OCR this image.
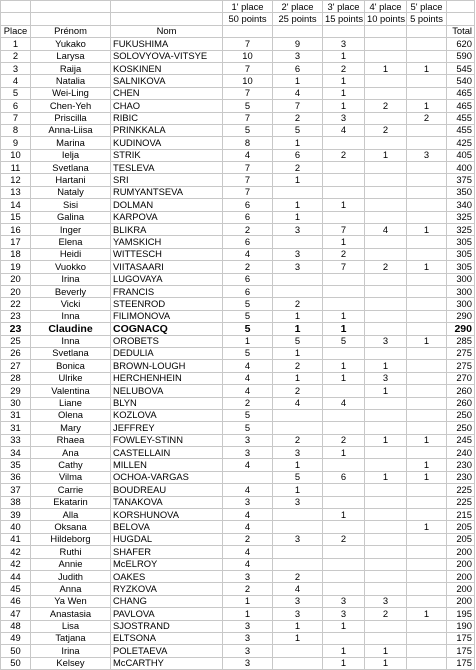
			1' place	2' place	3' place	4' place	5' place	
			50 points	25 points	15 points	10 points	5 points	
Place	Prénom	Nom						Total
1	Yukako	FUKUSHIMA	7	9	3			620
2	Larysa	SOLOVYOVA-VITSYE	10	3	1			590
3	Raija	KOSKINEN	7	6	2	1	1	545
4	Natalia	SALNIKOVA	10	1	1			540
5	Wei-Ling	CHEN	7	4	1			465
6	Chen-Yeh	CHAO	5	7	1	2	1	465
7	Priscilla	RIBIC	7	2	3		2	455
8	Anna-Liisa	PRINKKALA	5	5	4	2		455
9	Marina	KUDINOVA	8	1				425
10	Ielja	STRIK	4	6	2	1	3	405
11	Svetlana	TESLEVA	7	2				400
12	Hartani	SRI	7	1				375
13	Nataly	RUMYANTSEVA	7					350
14	Sisi	DOLMAN	6	1	1			340
15	Galina	KARPOVA	6	1				325
16	Inger	BLIKRA	2	3	7	4	1	325
17	Elena	YAMSKICH	6		1			305
18	Heidi	WITTESCH	4	3	2			305
19	Vuokko	VIITASAARI	2	3	7	2	1	305
20	Irina	LUGOVAYA	6					300
20	Beverly	FRANCIS	6					300
22	Vicki	STEENROD	5	2				300
23	Inna	FILIMONOVA	5	1	1			290
23	Claudine	COGNACQ	5	1	1			290
25	Inna	OROBETS	1	5	5	3	1	285
26	Svetlana	DEDULIA	5	1				275
27	Bonica	BROWN-LOUGH	4	2	1	1		275
28	Ulrike	HERCHENHEIN	4	1	1	3		270
29	Valentina	NELUBOVA	4	2		1		260
30	Liane	BLYN	2	4	4			260
31	Olena	KOZLOVA	5					250
31	Mary	JEFFREY	5					250
33	Rhaea	FOWLEY-STINN	3	2	2	1	1	245
34	Ana	CASTELLAIN	3	3	1			240
35	Cathy	MILLEN	4	1			1	230
36	Vilma	OCHOA-VARGAS		5	6	1	1	230
37	Carrie	BOUDREAU	4	1				225
38	Ekatarin	TANAKOVA	3	3				225
39	Alla	KORSHUNOVA	4		1			215
40	Oksana	BELOVA	4				1	205
41	Hildeborg	HUGDAL	2	3	2			205
42	Ruthi	SHAFER	4					200
42	Annie	McELROY	4					200
44	Judith	OAKES	3	2				200
45	Anna	RYZKOVA	2	4				200
46	Ya Wen	CHANG	1	3	3	3		200
47	Anastasia	PAVLOVA	1	3	3	2	1	195
48	Lisa	SJOSTRAND	3	1	1			190
49	Tatjana	ELTSONA	3	1				175
50	Irina	POLETAEVA	3		1	1		175
50	Kelsey	McCARTHY	3		1	1		175
